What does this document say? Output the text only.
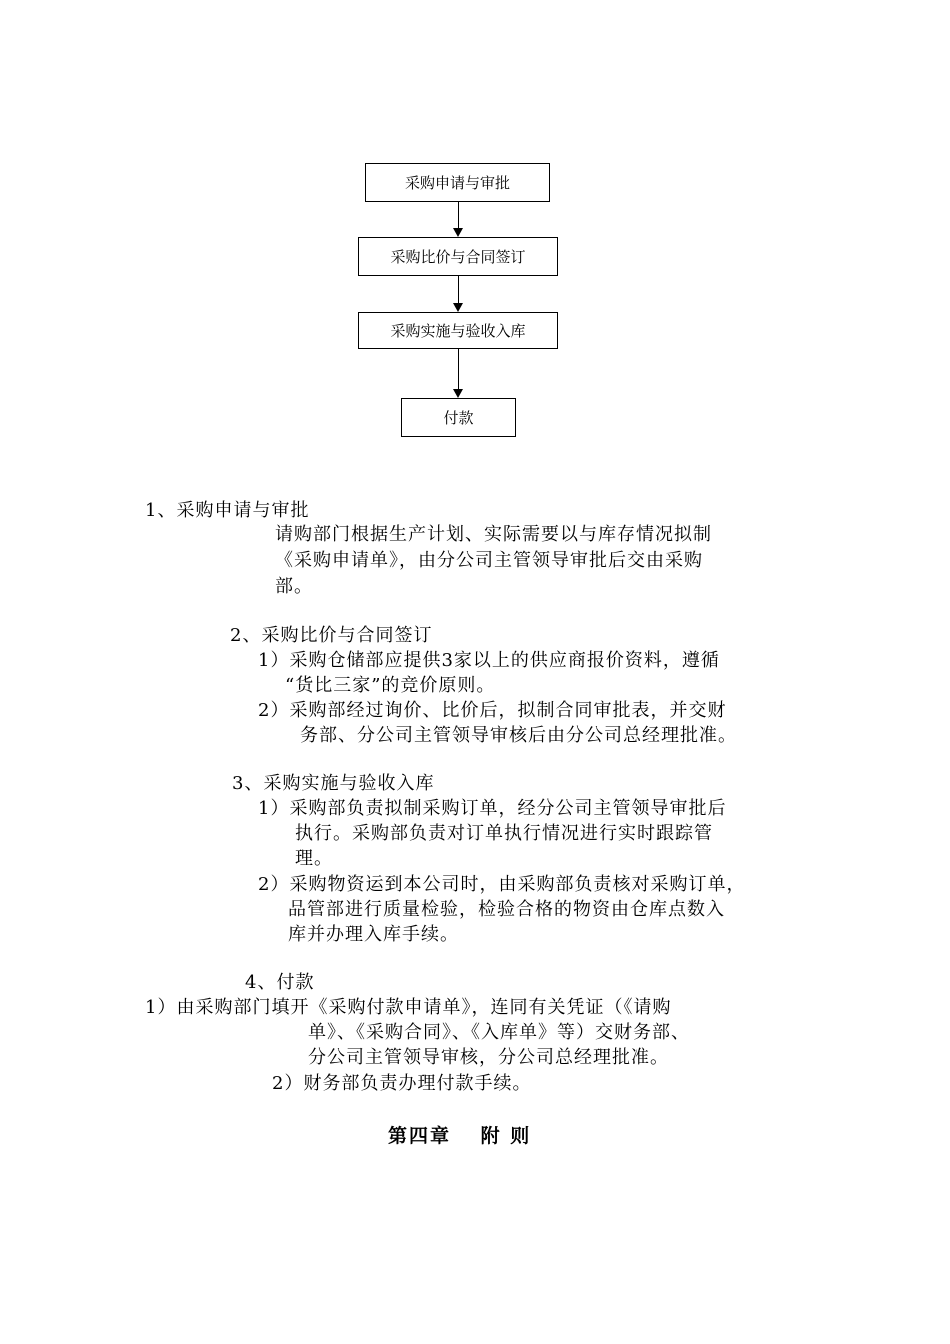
采购申请与审批
采购比价与合同签订
采购实施与验收入库
付款
1、采购申请与审批
请购部门根据生产计划、实际需要以与库存情况拟制
《采购申请单》，由分公司主管领导审批后交由采购
部。
2、采购比价与合同签订
1）采购仓储部应提供3家以上的供应商报价资料，遵循
“货比三家”的竞价原则。
2）采购部经过询价、比价后，拟制合同审批表，并交财
务部、分公司主管领导审核后由分公司总经理批准。
3、采购实施与验收入库
1）采购部负责拟制采购订单，经分公司主管领导审批后
执行。采购部负责对订单执行情况进行实时跟踪管
理。
2）采购物资运到本公司时，由采购部负责核对采购订单，
品管部进行质量检验，检验合格的物资由仓库点数入
库并办理入库手续。
4、付款
1）由采购部门填开《采购付款申请单》，连同有关凭证（《请购
单》、《采购合同》、《入库单》等）交财务部、
分公司主管领导审核，分公司总经理批准。
2）财务部负责办理付款手续。
第四章　 附 则
